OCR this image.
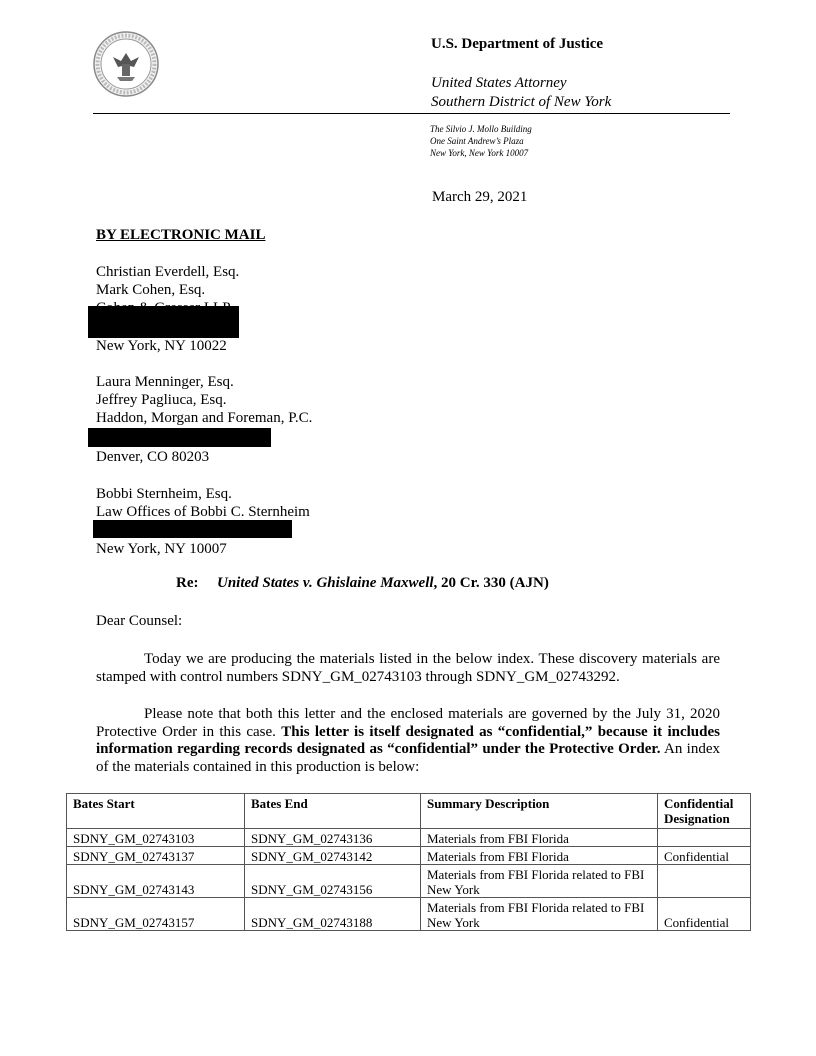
U.S. Department of Justice
United States Attorney
Southern District of New York
The Silvio J. Mollo Building
One Saint Andrew’s Plaza
New York, New York 10007
March 29, 2021
BY ELECTRONIC MAIL
Christian Everdell, Esq.
Mark Cohen, Esq.
New York, NY 10022
Laura Menninger, Esq.
Jeffrey Pagliuca, Esq.
Haddon, Morgan and Foreman, P.C.
Denver, CO 80203
Bobbi Sternheim, Esq.
Law Offices of Bobbi C. Sternheim
New York, NY 10007
Re: United States v. Ghislaine Maxwell, 20 Cr. 330 (AJN)
Dear Counsel:
Today we are producing the materials listed in the below index. These discovery materials are stamped with control numbers SDNY_GM_02743103 through SDNY_GM_02743292.
Please note that both this letter and the enclosed materials are governed by the July 31, 2020 Protective Order in this case. This letter is itself designated as “confidential,” because it includes information regarding records designated as “confidential” under the Protective Order. An index of the materials contained in this production is below:
Bates Start	Bates End	Summary Description	Confidential Designation
SDNY_GM_02743103	SDNY_GM_02743136	Materials from FBI Florida	
SDNY_GM_02743137	SDNY_GM_02743142	Materials from FBI Florida	Confidential
SDNY_GM_02743143	SDNY_GM_02743156	Materials from FBI Florida related to FBI New York	
SDNY_GM_02743157	SDNY_GM_02743188	Materials from FBI Florida related to FBI New York	Confidential
